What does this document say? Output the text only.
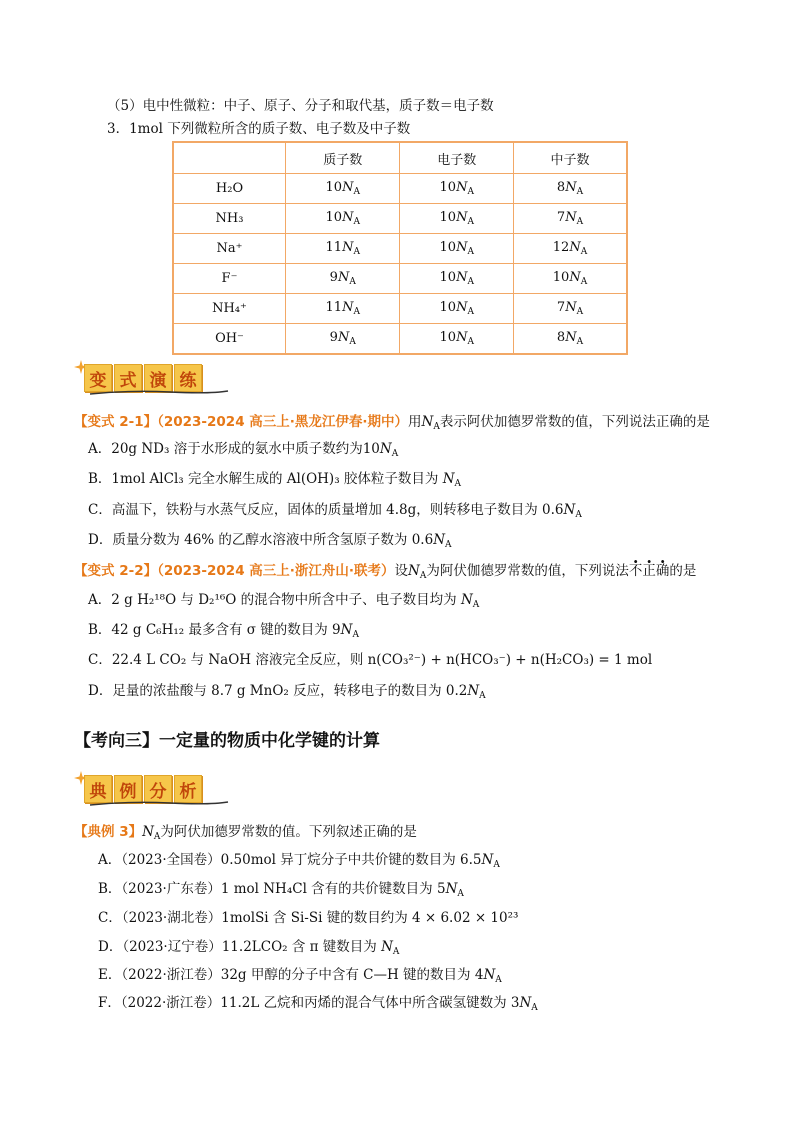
（5）电中性微粒：中子、原子、分子和取代基，质子数＝电子数
3．1mol 下列微粒所含的质子数、电子数及中子数
	质子数	电子数	中子数
H₂O	$10N_A$	$10N_A$	$8N_A$
NH₃	$10N_A$	$10N_A$	$7N_A$
Na⁺	$11N_A$	$10N_A$	$12N_A$
F⁻	$9N_A$	$10N_A$	$10N_A$
NH₄⁺	$11N_A$	$10N_A$	$7N_A$
OH⁻	$9N_A$	$10N_A$	$8N_A$
变 式 演 练
【变式 2-1】（2023-2024 高三上·黑龙江伊春·期中）用$N_A$表示阿伏加德罗常数的值，下列说法正确的是
A．20g ND₃ 溶于水形成的氨水中质子数约为$10N_A$
B．1mol AlCl₃ 完全水解生成的 Al(OH)₃ 胶体粒子数目为 $N_A$
C．高温下，铁粉与水蒸气反应，固体的质量增加 4.8g，则转移电子数目为 $0.6N_A$
D．质量分数为 46% 的乙醇水溶液中所含氢原子数为 $0.6N_A$
【变式 2-2】（2023-2024 高三上·浙江舟山·联考）设$N_A$为阿伏伽德罗常数的值，下列说法不正确的是
A．2 g H₂¹⁸O 与 D₂¹⁶O 的混合物中所含中子、电子数目均为 $N_A$
B．42 g C₆H₁₂ 最多含有 σ 键的数目为 $9N_A$
C．22.4 L CO₂ 与 NaOH 溶液完全反应，则 n(CO₃²⁻) + n(HCO₃⁻) + n(H₂CO₃) = 1 mol
D．足量的浓盐酸与 8.7 g MnO₂ 反应，转移电子的数目为 $0.2N_A$
【考向三】一定量的物质中化学键的计算
典 例 分 析
【典例 3】$N_A$为阿伏加德罗常数的值。下列叙述正确的是
A．（2023·全国卷）0.50mol 异丁烷分子中共价键的数目为 $6.5N_A$
B．（2023·广东卷）1 mol NH₄Cl 含有的共价键数目为 $5N_A$
C．（2023·湖北卷）1molSi 含 Si-Si 键的数目约为 4 × 6.02 × 10²³
D．（2023·辽宁卷）11.2LCO₂ 含 π 键数目为 $N_A$
E．（2022·浙江卷）32g 甲醇的分子中含有 C—H 键的数目为 $4N_A$
F．（2022·浙江卷）11.2L 乙烷和丙烯的混合气体中所含碳氢键数为 $3N_A$
